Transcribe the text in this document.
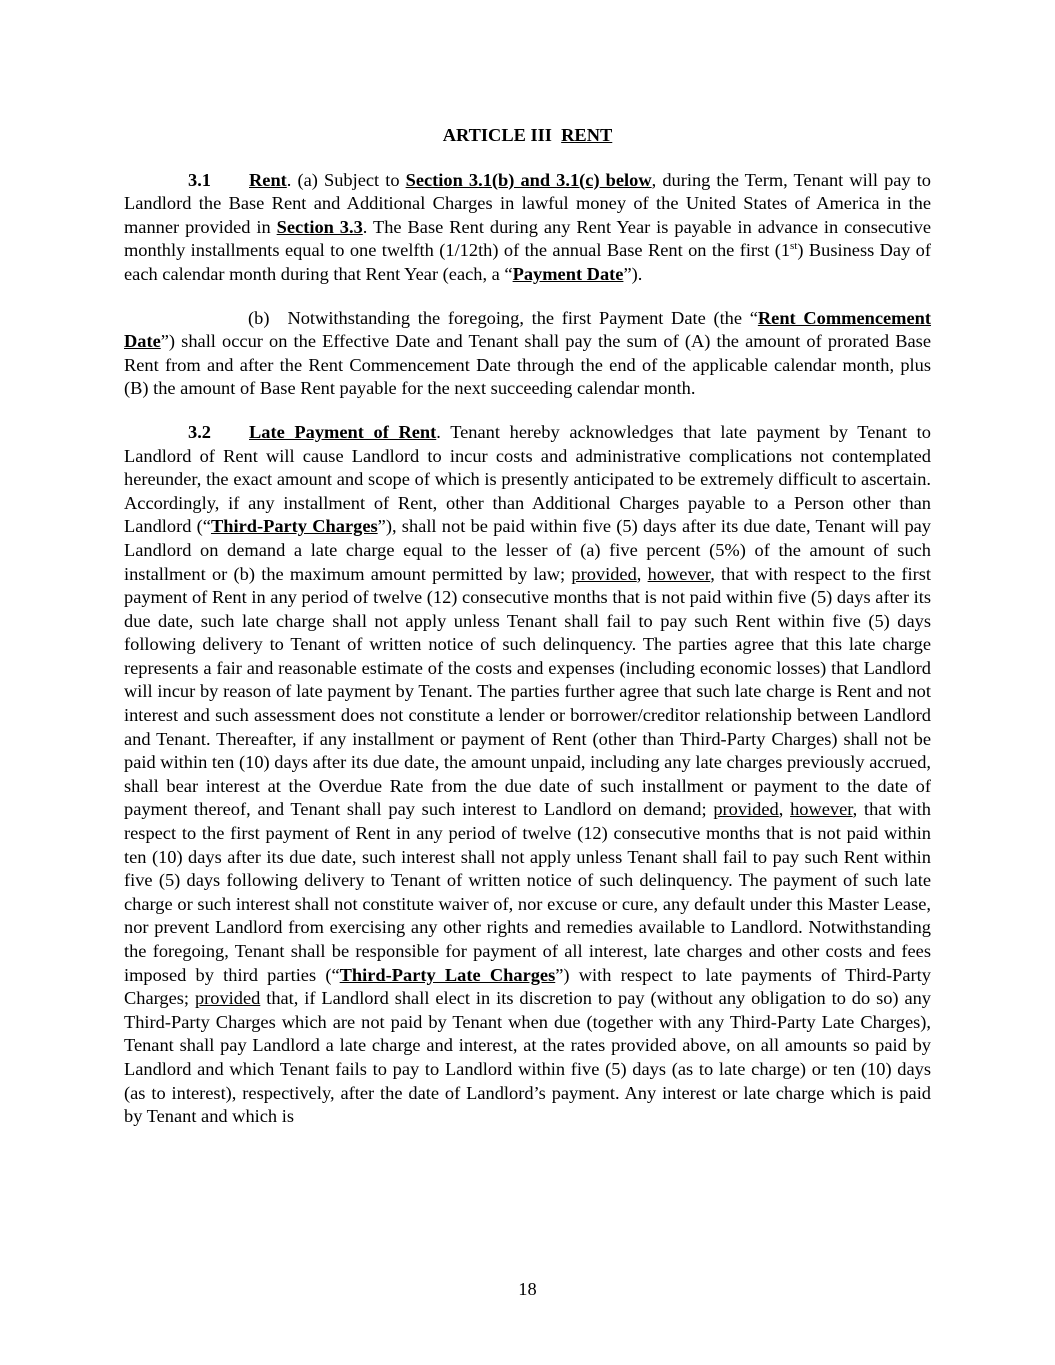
ARTICLE III RENT

3.1 Rent. (a) Subject to Section 3.1(b) and 3.1(c) below, during the Term, Tenant will pay to Landlord the Base Rent and Additional Charges in lawful money of the United States of America in the manner provided in Section 3.3. The Base Rent during any Rent Year is payable in advance in consecutive monthly installments equal to one twelfth (1/12th) of the annual Base Rent on the first (1st) Business Day of each calendar month during that Rent Year (each, a “Payment Date”).

(b) Notwithstanding the foregoing, the first Payment Date (the “Rent Commencement Date”) shall occur on the Effective Date and Tenant shall pay the sum of (A) the amount of prorated Base Rent from and after the Rent Commencement Date through the end of the applicable calendar month, plus (B) the amount of Base Rent payable for the next succeeding calendar month.

3.2 Late Payment of Rent. Tenant hereby acknowledges that late payment by Tenant to Landlord of Rent will cause Landlord to incur costs and administrative complications not contemplated hereunder, the exact amount and scope of which is presently anticipated to be extremely difficult to ascertain. Accordingly, if any installment of Rent, other than Additional Charges payable to a Person other than Landlord (“Third-Party Charges”), shall not be paid within five (5) days after its due date, Tenant will pay Landlord on demand a late charge equal to the lesser of (a) five percent (5%) of the amount of such installment or (b) the maximum amount permitted by law; provided, however, that with respect to the first payment of Rent in any period of twelve (12) consecutive months that is not paid within five (5) days after its due date, such late charge shall not apply unless Tenant shall fail to pay such Rent within five (5) days following delivery to Tenant of written notice of such delinquency. The parties agree that this late charge represents a fair and reasonable estimate of the costs and expenses (including economic losses) that Landlord will incur by reason of late payment by Tenant. The parties further agree that such late charge is Rent and not interest and such assessment does not constitute a lender or borrower/creditor relationship between Landlord and Tenant. Thereafter, if any installment or payment of Rent (other than Third-Party Charges) shall not be paid within ten (10) days after its due date, the amount unpaid, including any late charges previously accrued, shall bear interest at the Overdue Rate from the due date of such installment or payment to the date of payment thereof, and Tenant shall pay such interest to Landlord on demand; provided, however, that with respect to the first payment of Rent in any period of twelve (12) consecutive months that is not paid within ten (10) days after its due date, such interest shall not apply unless Tenant shall fail to pay such Rent within five (5) days following delivery to Tenant of written notice of such delinquency. The payment of such late charge or such interest shall not constitute waiver of, nor excuse or cure, any default under this Master Lease, nor prevent Landlord from exercising any other rights and remedies available to Landlord. Notwithstanding the foregoing, Tenant shall be responsible for payment of all interest, late charges and other costs and fees imposed by third parties (“Third-Party Late Charges”) with respect to late payments of Third-Party Charges; provided that, if Landlord shall elect in its discretion to pay (without any obligation to do so) any Third-Party Charges which are not paid by Tenant when due (together with any Third-Party Late Charges), Tenant shall pay Landlord a late charge and interest, at the rates provided above, on all amounts so paid by Landlord and which Tenant fails to pay to Landlord within five (5) days (as to late charge) or ten (10) days (as to interest), respectively, after the date of Landlord’s payment. Any interest or late charge which is paid by Tenant and which is

18
